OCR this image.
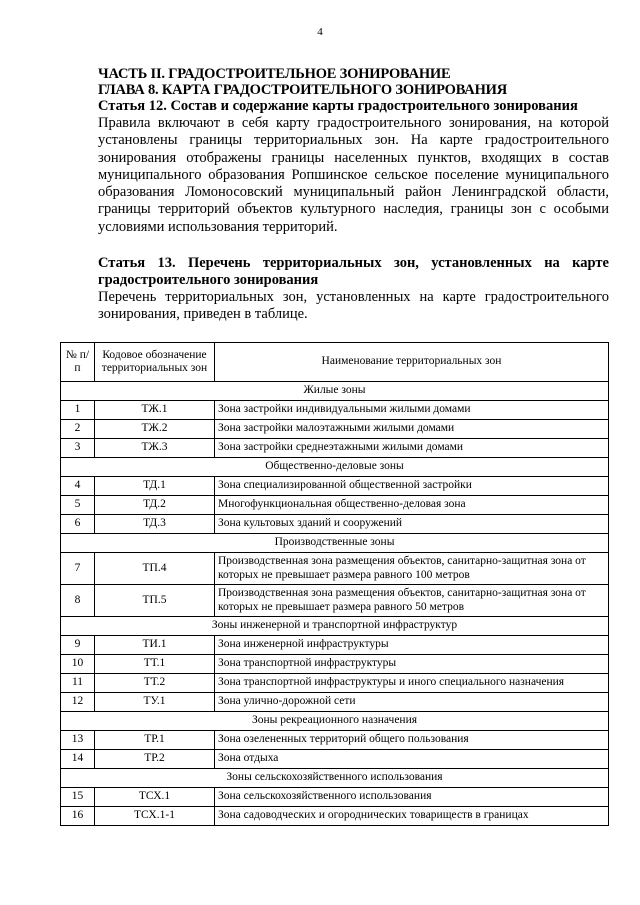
4
ЧАСТЬ II. ГРАДОСТРОИТЕЛЬНОЕ ЗОНИРОВАНИЕ
ГЛАВА 8. КАРТА ГРАДОСТРОИТЕЛЬНОГО ЗОНИРОВАНИЯ
Статья 12. Состав и содержание карты градостроительного зонирования

Правила включают в себя карту градостроительного зонирования, на которой установлены границы территориальных зон. На карте градостроительного зонирования отображены границы населенных пунктов, входящих в состав муниципального образования Ропшинское сельское поселение муниципального образования Ломоносовский муниципальный район Ленинградской области, границы территорий объектов культурного наследия, границы зон с особыми условиями использования территорий.

Статья 13. Перечень территориальных зон, установленных на карте градостроительного зонирования

Перечень территориальных зон, установленных на карте градостроительного зонирования, приведен в таблице.

№ п/п	Кодовое обозначение территориальных зон	Наименование территориальных зон
Жилые зоны		
1	ТЖ.1	Зона застройки индивидуальными жилыми домами
2	ТЖ.2	Зона застройки малоэтажными жилыми домами
3	ТЖ.3	Зона застройки среднеэтажными жилыми домами
Общественно-деловые зоны		
4	ТД.1	Зона специализированной общественной застройки
5	ТД.2	Многофункциональная общественно-деловая зона
6	ТД.3	Зона культовых зданий и сооружений
Производственные зоны		
7	ТП.4	Производственная зона размещения объектов, санитарно-защитная зона от которых не превышает размера равного 100 метров
8	ТП.5	Производственная зона размещения объектов, санитарно-защитная зона от которых не превышает размера равного 50 метров
Зоны инженерной и транспортной инфраструктур		
9	ТИ.1	Зона инженерной инфраструктуры
10	ТТ.1	Зона транспортной инфраструктуры
11	ТТ.2	Зона транспортной инфраструктуры и иного специального назначения
12	ТУ.1	Зона улично-дорожной сети
Зоны рекреационного назначения		
13	ТР.1	Зона озелененных территорий общего пользования
14	ТР.2	Зона отдыха
Зоны сельскохозяйственного использования		
15	ТСХ.1	Зона сельскохозяйственного использования
16	ТСХ.1-1	Зона садоводческих и огороднических товариществ в границах
